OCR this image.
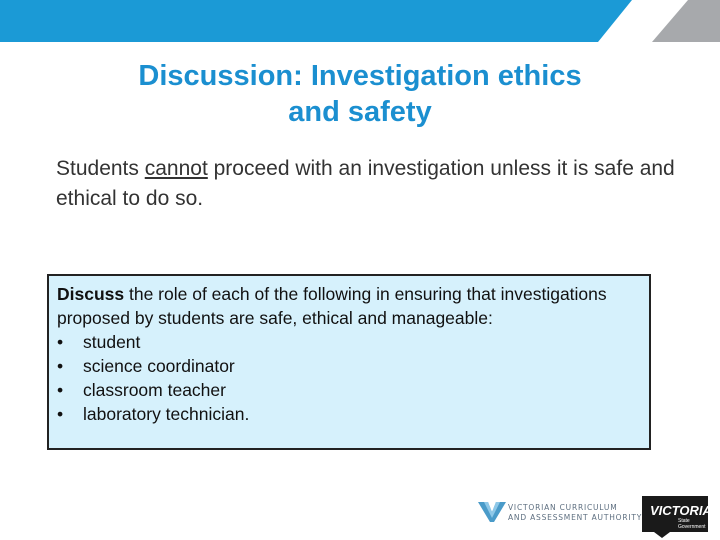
Discussion: Investigation ethics
and safety
Students cannot proceed with an investigation unless it is safe and ethical to do so.
Discuss the role of each of the following in ensuring that investigations proposed by students are safe, ethical and manageable:
•	student
•	science coordinator
•	classroom teacher
•	laboratory technician.
VICTORIAN CURRICULUM
AND ASSESSMENT AUTHORITY VICTORIA
State
Government
